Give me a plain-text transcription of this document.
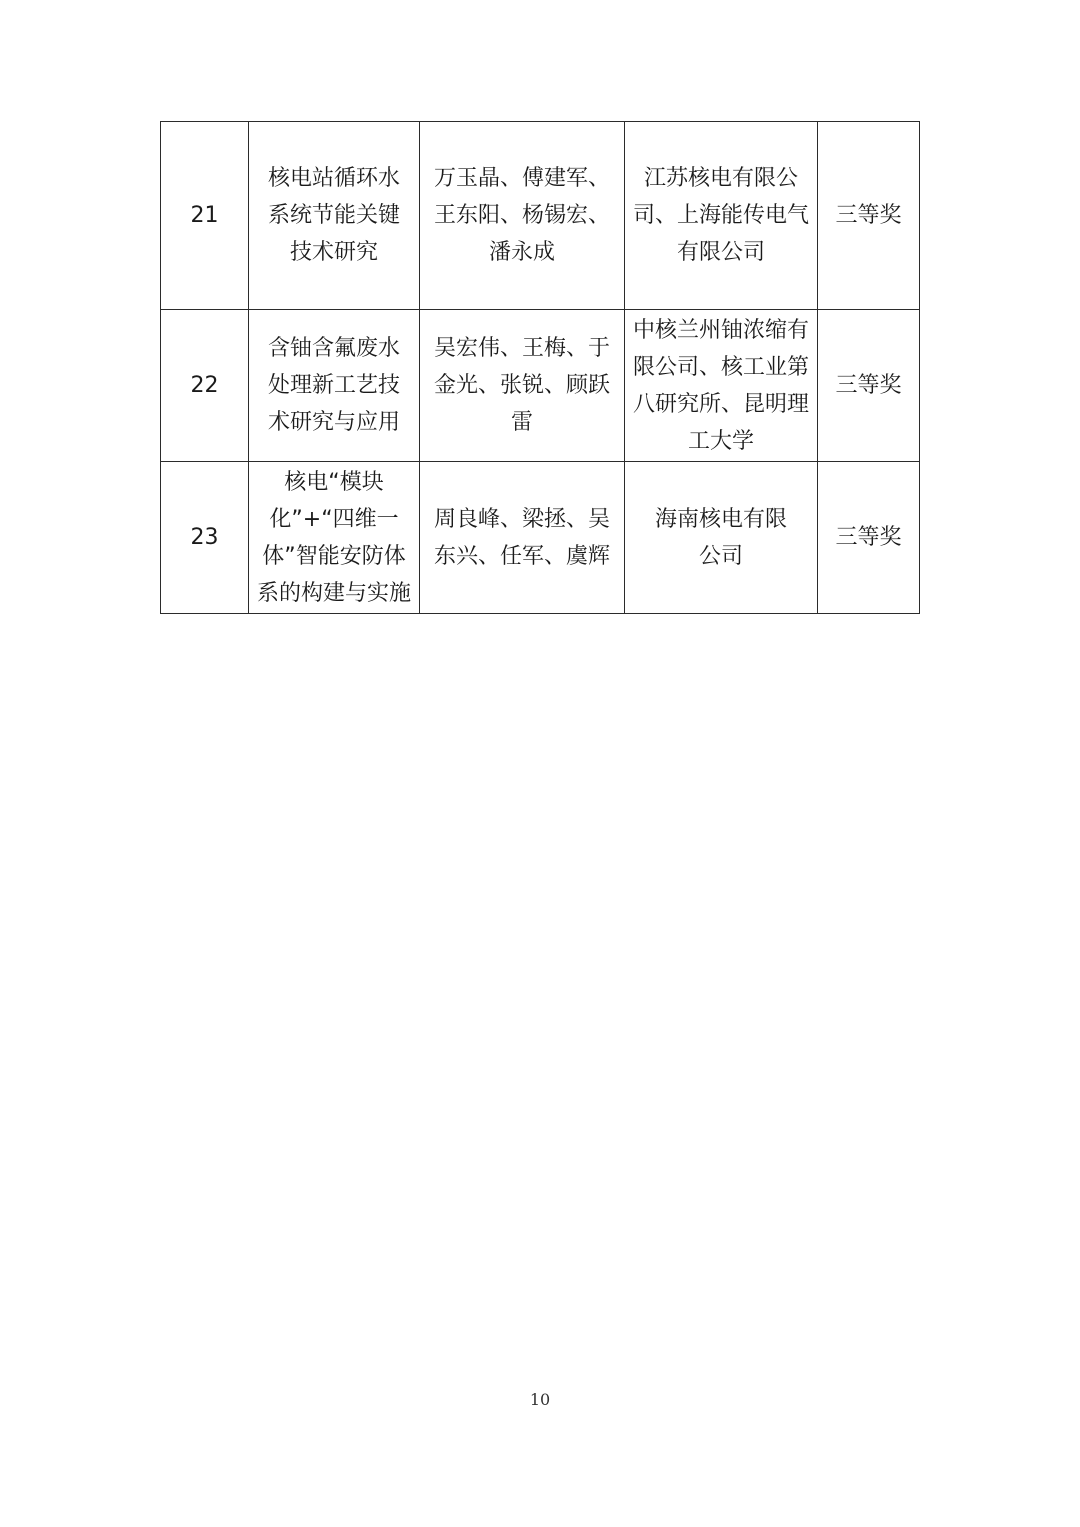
21	核电站循环水系统节能关键技术研究	万玉晶、傅建军、王东阳、杨锡宏、潘永成	江苏核电有限公司、上海能传电气有限公司	三等奖
22	含铀含氟废水处理新工艺技术研究与应用	吴宏伟、王梅、于金光、张锐、顾跃雷	中核兰州铀浓缩有限公司、核工业第八研究所、昆明理工大学	三等奖
23	核电“模块化”+“四维一体”智能安防体系的构建与实施	周良峰、梁拯、吴东兴、任军、虞辉	海南核电有限公司	三等奖
10
